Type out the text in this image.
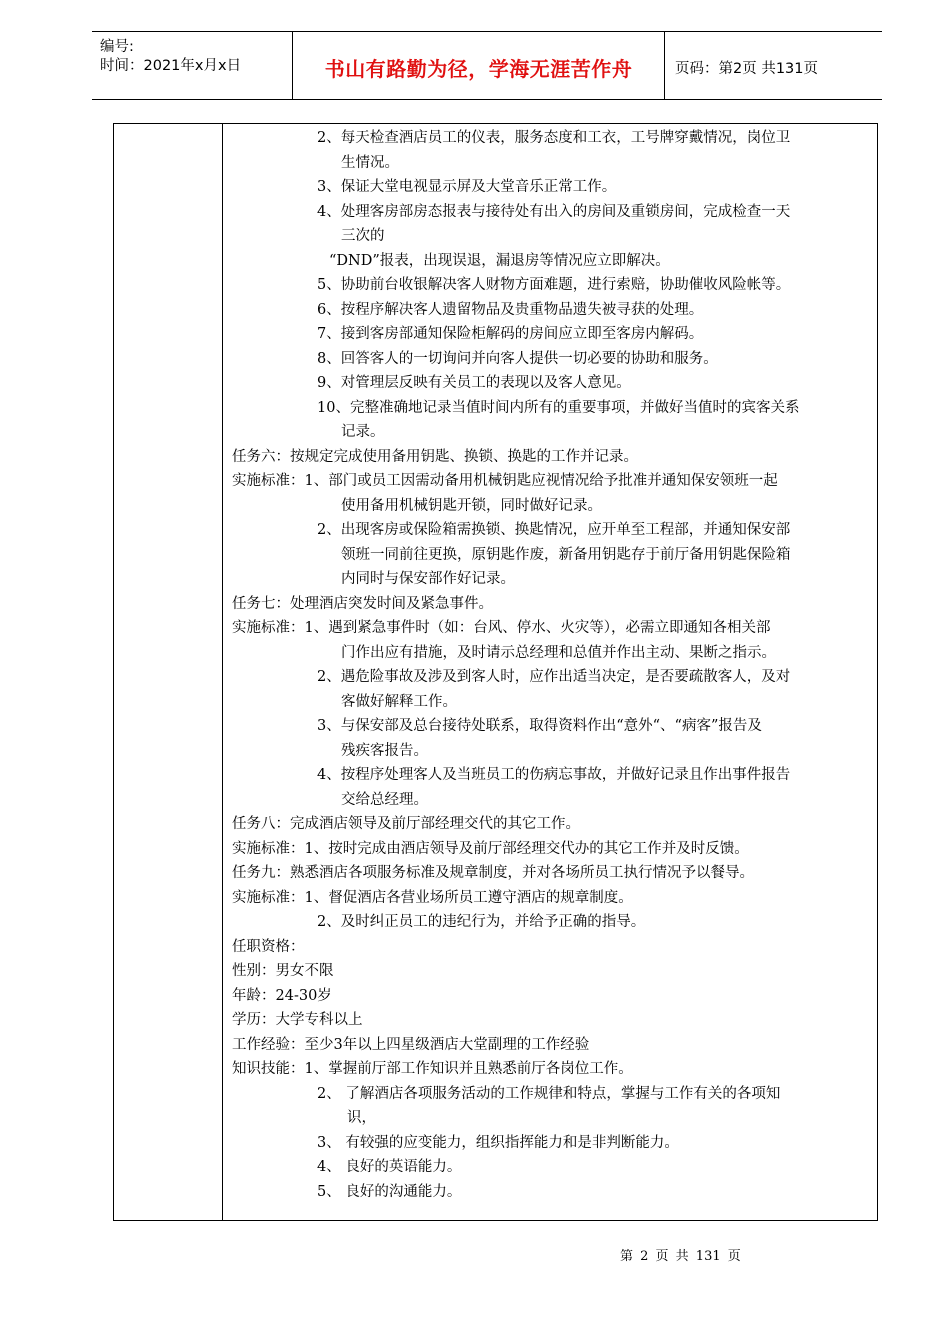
编号:
时间：2021年x月x日	书山有路勤为径，学海无涯苦作舟	页码：第2页 共131页
2、每天检查酒店员工的仪表，服务态度和工衣，工号牌穿戴情况，岗位卫
生情况。
3、保证大堂电视显示屏及大堂音乐正常工作。
4、处理客房部房态报表与接待处有出入的房间及重锁房间，完成检查一天
三次的
“DND”报表，出现误退，漏退房等情况应立即解决。
5、协助前台收银解决客人财物方面难题，进行索赔，协助催收风险帐等。
6、按程序解决客人遗留物品及贵重物品遗失被寻获的处理。
7、接到客房部通知保险柜解码的房间应立即至客房内解码。
8、回答客人的一切询问并向客人提供一切必要的协助和服务。
9、对管理层反映有关员工的表现以及客人意见。
10、完整准确地记录当值时间内所有的重要事项，并做好当值时的宾客关系
记录。
任务六：按规定完成使用备用钥匙、换锁、换匙的工作并记录。
实施标准：1、部门或员工因需动备用机械钥匙应视情况给予批准并通知保安领班一起
使用备用机械钥匙开锁，同时做好记录。
2、出现客房或保险箱需换锁、换匙情况，应开单至工程部，并通知保安部
领班一同前往更换，原钥匙作废，新备用钥匙存于前厅备用钥匙保险箱
内同时与保安部作好记录。
任务七：处理酒店突发时间及紧急事件。
实施标准：1、遇到紧急事件时（如：台风、停水、火灾等），必需立即通知各相关部
门作出应有措施，及时请示总经理和总值并作出主动、果断之指示。
2、遇危险事故及涉及到客人时，应作出适当决定，是否要疏散客人，及对
客做好解释工作。
3、与保安部及总台接待处联系，取得资料作出“意外“、“病客”报告及
残疾客报告。
4、按程序处理客人及当班员工的伤病忘事故，并做好记录且作出事件报告
交给总经理。
任务八：完成酒店领导及前厅部经理交代的其它工作。
实施标准：1、按时完成由酒店领导及前厅部经理交代办的其它工作并及时反馈。
任务九：熟悉酒店各项服务标准及规章制度，并对各场所员工执行情况予以餐导。
实施标准：1、督促酒店各营业场所员工遵守酒店的规章制度。
2、及时纠正员工的违纪行为，并给予正确的指导。
任职资格：
性别：男女不限
年龄：24-30岁
学历：大学专科以上
工作经验：至少3年以上四星级酒店大堂副理的工作经验
知识技能：1、掌握前厅部工作知识并且熟悉前厅各岗位工作。
2、 了解酒店各项服务活动的工作规律和特点，掌握与工作有关的各项知
识，
3、 有较强的应变能力，组织指挥能力和是非判断能力。
4、 良好的英语能力。
5、 良好的沟通能力。
第 2 页 共 131 页
